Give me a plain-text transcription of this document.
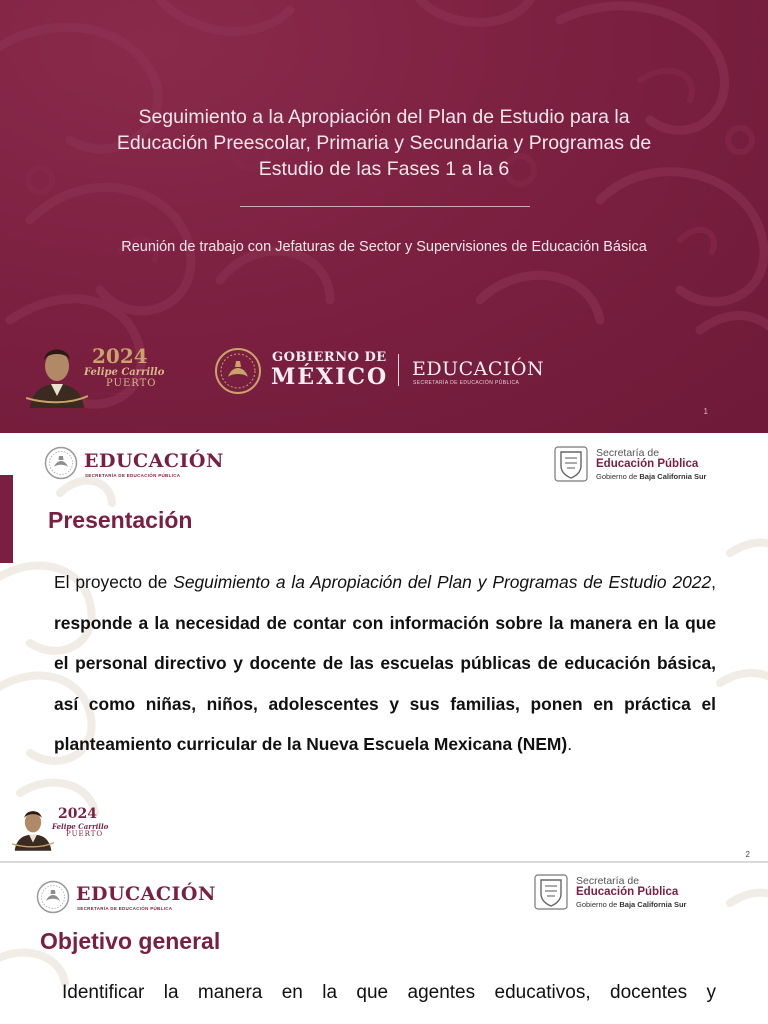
Seguimiento a la Apropiación del Plan de Estudio para la
Educación Preescolar, Primaria y Secundaria y Programas de
Estudio de las Fases 1 a la 6
Reunión de trabajo con Jefaturas de Sector y Supervisiones de Educación Básica
2024
Felipe Carrillo
PUERTO
· · · · · · · · · · · · · · · · · · · · ·
GOBIERNO DE
MÉXICO EDUCACIÓN
SECRETARÍA DE EDUCACIÓN PÚBLICA
1
EDUCACIÓN
SECRETARÍA DE EDUCACIÓN PÚBLICA
Secretaría de
Educación Pública
Gobierno de Baja California Sur
Presentación

El proyecto de Seguimiento a la Apropiación del Plan y Programas de Estudio 2022, responde a la necesidad de contar con información sobre la manera en la que el personal directivo y docente de las escuelas públicas de educación básica, así como niñas, niños, adolescentes y sus familias, ponen en práctica el planteamiento curricular de la Nueva Escuela Mexicana (NEM).

2024
Felipe Carrillo
PUERTO
2
EDUCACIÓN
SECRETARÍA DE EDUCACIÓN PÚBLICA
Secretaría de
Educación Pública
Gobierno de Baja California Sur
Objetivo general

Identificar la manera en la que agentes educativos, docentes y
